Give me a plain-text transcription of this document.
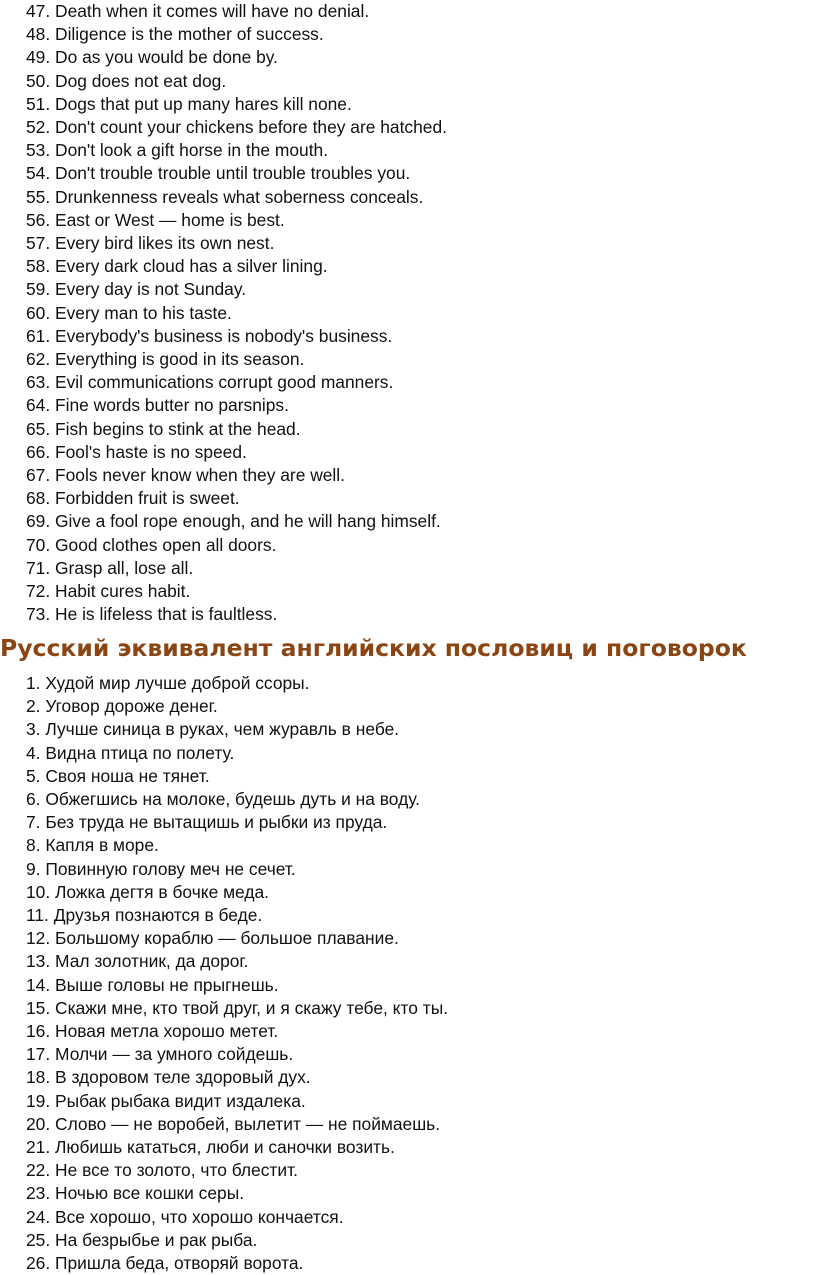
47. Death when it comes will have no denial.
48. Diligence is the mother of success.
49. Do as you would be done by.
50. Dog does not eat dog.
51. Dogs that put up many hares kill none.
52. Don't count your chickens before they are hatched.
53. Don't look a gift horse in the mouth.
54. Don't trouble trouble until trouble troubles you.
55. Drunkenness reveals what soberness conceals.
56. East or West — home is best.
57. Every bird likes its own nest.
58. Every dark cloud has a silver lining.
59. Every day is not Sunday.
60. Every man to his taste.
61. Everybody's business is nobody's business.
62. Everything is good in its season.
63. Evil communications corrupt good manners.
64. Fine words butter no parsnips.
65. Fish begins to stink at the head.
66. Fool's haste is no speed.
67. Fools never know when they are well.
68. Forbidden fruit is sweet.
69. Give a fool rope enough, and he will hang himself.
70. Good clothes open all doors.
71. Grasp all, lose all.
72. Habit cures habit.
73. He is lifeless that is faultless.
Русский эквивалент английских пословиц и поговорок
1. Худой мир лучше доброй ссоры.
2. Уговор дороже денег.
3. Лучше синица в руках, чем журавль в небе.
4. Видна птица по полету.
5. Своя ноша не тянет.
6. Обжегшись на молоке, будешь дуть и на воду.
7. Без труда не вытащишь и рыбки из пруда.
8. Капля в море.
9. Повинную голову меч не сечет.
10. Ложка дегтя в бочке меда.
11. Друзья познаются в беде.
12. Большому кораблю — большое плавание.
13. Мал золотник, да дорог.
14. Выше головы не прыгнешь.
15. Скажи мне, кто твой друг, и я скажу тебе, кто ты.
16. Новая метла хорошо метет.
17. Молчи — за умного сойдешь.
18. В здоровом теле здоровый дух.
19. Рыбак рыбака видит издалека.
20. Слово — не воробей, вылетит — не поймаешь.
21. Любишь кататься, люби и саночки возить.
22. Не все то золото, что блестит.
23. Ночью все кошки серы.
24. Все хорошо, что хорошо кончается.
25. На безрыбье и рак рыба.
26. Пришла беда, отворяй ворота.
